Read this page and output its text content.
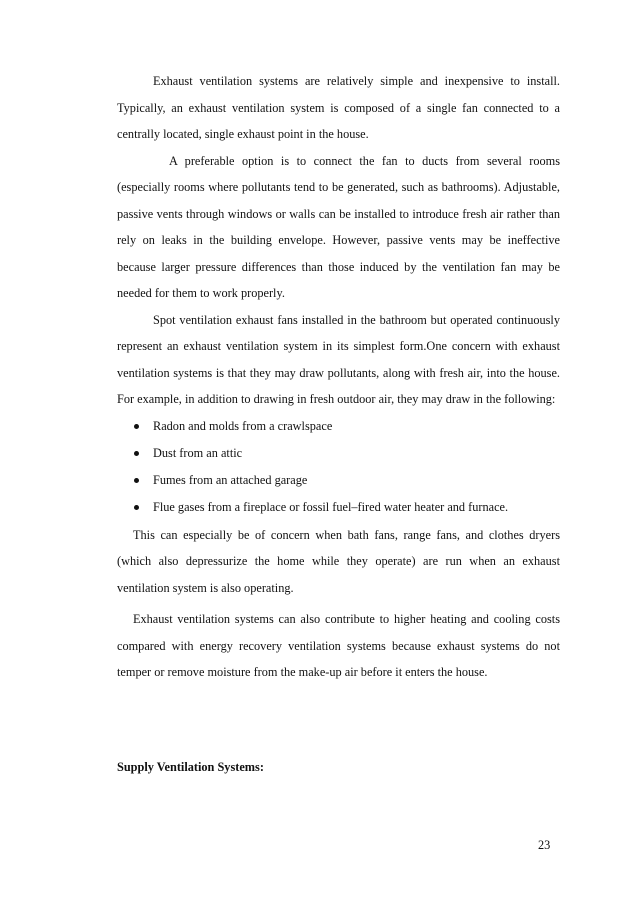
Exhaust ventilation systems are relatively simple and inexpensive to install. Typically, an exhaust ventilation system is composed of a single fan connected to a centrally located, single exhaust point in the house.

A preferable option is to connect the fan to ducts from several rooms (especially rooms where pollutants tend to be generated, such as bathrooms). Adjustable, passive vents through windows or walls can be installed to introduce fresh air rather than rely on leaks in the building envelope. However, passive vents may be ineffective because larger pressure differences than those induced by the ventilation fan may be needed for them to work properly.

Spot ventilation exhaust fans installed in the bathroom but operated continuously represent an exhaust ventilation system in its simplest form.One concern with exhaust ventilation systems is that they may draw pollutants, along with fresh air, into the house. For example, in addition to drawing in fresh outdoor air, they may draw in the following:

Radon and molds from a crawlspace
Dust from an attic
Fumes from an attached garage
Flue gases from a fireplace or fossil fuel–fired water heater and furnace.

This can especially be of concern when bath fans, range fans, and clothes dryers (which also depressurize the home while they operate) are run when an exhaust ventilation system is also operating.

Exhaust ventilation systems can also contribute to higher heating and cooling costs compared with energy recovery ventilation systems because exhaust systems do not temper or remove moisture from the make-up air before it enters the house.

Supply Ventilation Systems:
23
